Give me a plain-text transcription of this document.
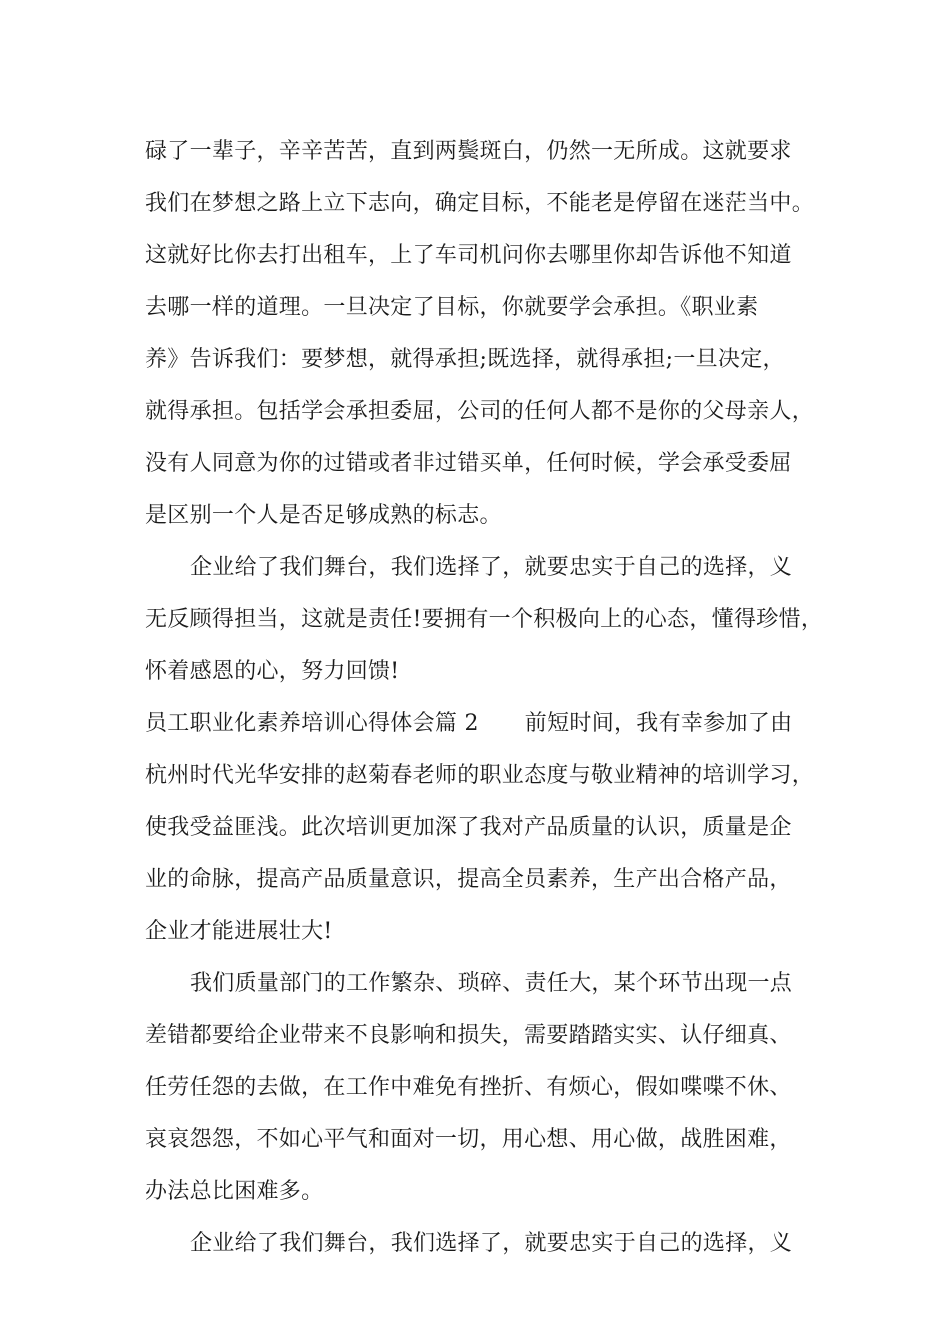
碌了一辈子，辛辛苦苦，直到两鬓斑白，仍然一无所成。这就要求
我们在梦想之路上立下志向，确定目标，不能老是停留在迷茫当中。
这就好比你去打出租车，上了车司机问你去哪里你却告诉他不知道
去哪一样的道理。一旦决定了目标，你就要学会承担。《职业素
养》告诉我们：要梦想，就得承担;既选择，就得承担;一旦决定，
就得承担。包括学会承担委屈，公司的任何人都不是你的父母亲人，
没有人同意为你的过错或者非过错买单，任何时候，学会承受委屈
是区别一个人是否足够成熟的标志。
企业给了我们舞台，我们选择了，就要忠实于自己的选择，义
无反顾得担当，这就是责任!要拥有一个积极向上的心态，懂得珍惜，
怀着感恩的心，努力回馈!
员工职业化素养培训心得体会篇 2 前短时间，我有幸参加了由
杭州时代光华安排的赵菊春老师的职业态度与敬业精神的培训学习，
使我受益匪浅。此次培训更加深了我对产品质量的认识，质量是企
业的命脉，提高产品质量意识，提高全员素养，生产出合格产品，
企业才能进展壮大!
我们质量部门的工作繁杂、琐碎、责任大，某个环节出现一点
差错都要给企业带来不良影响和损失，需要踏踏实实、认仔细真、
任劳任怨的去做，在工作中难免有挫折、有烦心，假如喋喋不休、
哀哀怨怨，不如心平气和面对一切，用心想、用心做，战胜困难，
办法总比困难多。
企业给了我们舞台，我们选择了，就要忠实于自己的选择，义
